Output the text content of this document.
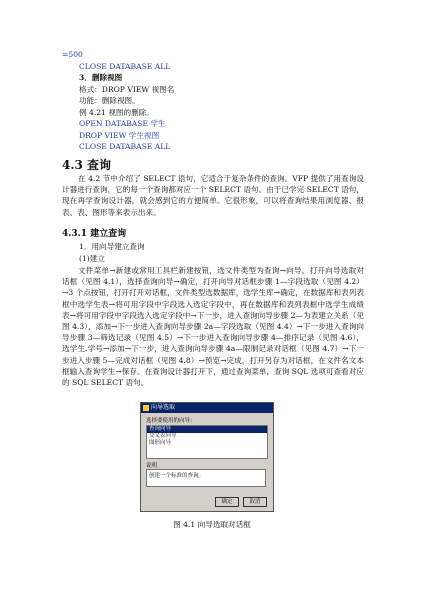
=500
CLOSE DATABASE ALL
3．删除视图
格式：DROP VIEW 视图名
功能：删除视图。
例 4.21 视图的删除。
OPEN DATABASE 学生
DROP VIEW 学生视图
CLOSE DATABASE ALL
4.3 查询
在 4.2 节中介绍了 SELECT 语句，它适合于复杂条件的查询。VFP 提供了用查询设计器进行查询，它的每一个查询都对应一个 SELECT 语句。由于已学完 SELECT 语句，现在再学查询设计器，就会感到它的方便简单。它很形象，可以将查询结果用浏览器、报表、表、图形等来表示出来。
4.3.1 建立查询
1．用向导建立查询
(1)建立
文件菜单→新建或常用工具栏新建按钮，选文件类型为查询→向导，打开向导选取对话框（见图 4.1），选择查询向导→确定，打开向导对话框步骤 1—字段选取（见图 4.2）→3 个点按钮，打开打开对话框，文件类型选数据库，选学生库→确定，在数据库和表列表框中选学生表→将可用字段中字段选入选定字段中，再在数据库和表列表框中选学生成绩表→将可用字段中字段选入选定字段中→下一步，进入查询向导步骤 2—为表建立关系（见图 4.3），添加→下一步进入查询向导步骤 2a—字段选取（见图 4.4）→下一步进入查询向导步骤 3—筛选记录（见图 4.5）→下一步进入查询向导步骤 4—排序记录（见图 4.6），选学生.学号→添加→下一步，进入查询向导步骤 4a—限制记录对话框（见图 4.7）→下一步进入步骤 5—完成对话框（见图 4.8）→预览→完成，打开另存为对话框，在文件名文本框输入查询学生→保存。在查询设计器打开下，通过查询菜单，查询 SQL 选项可查看对应的 SQL SELECT 语句。
向导选取
选择要使用的向导：
查询向导
交叉表向导
图形向导
说明
创建一个标准的查询。
确定	取消
图 4.1 向导选取对话框
